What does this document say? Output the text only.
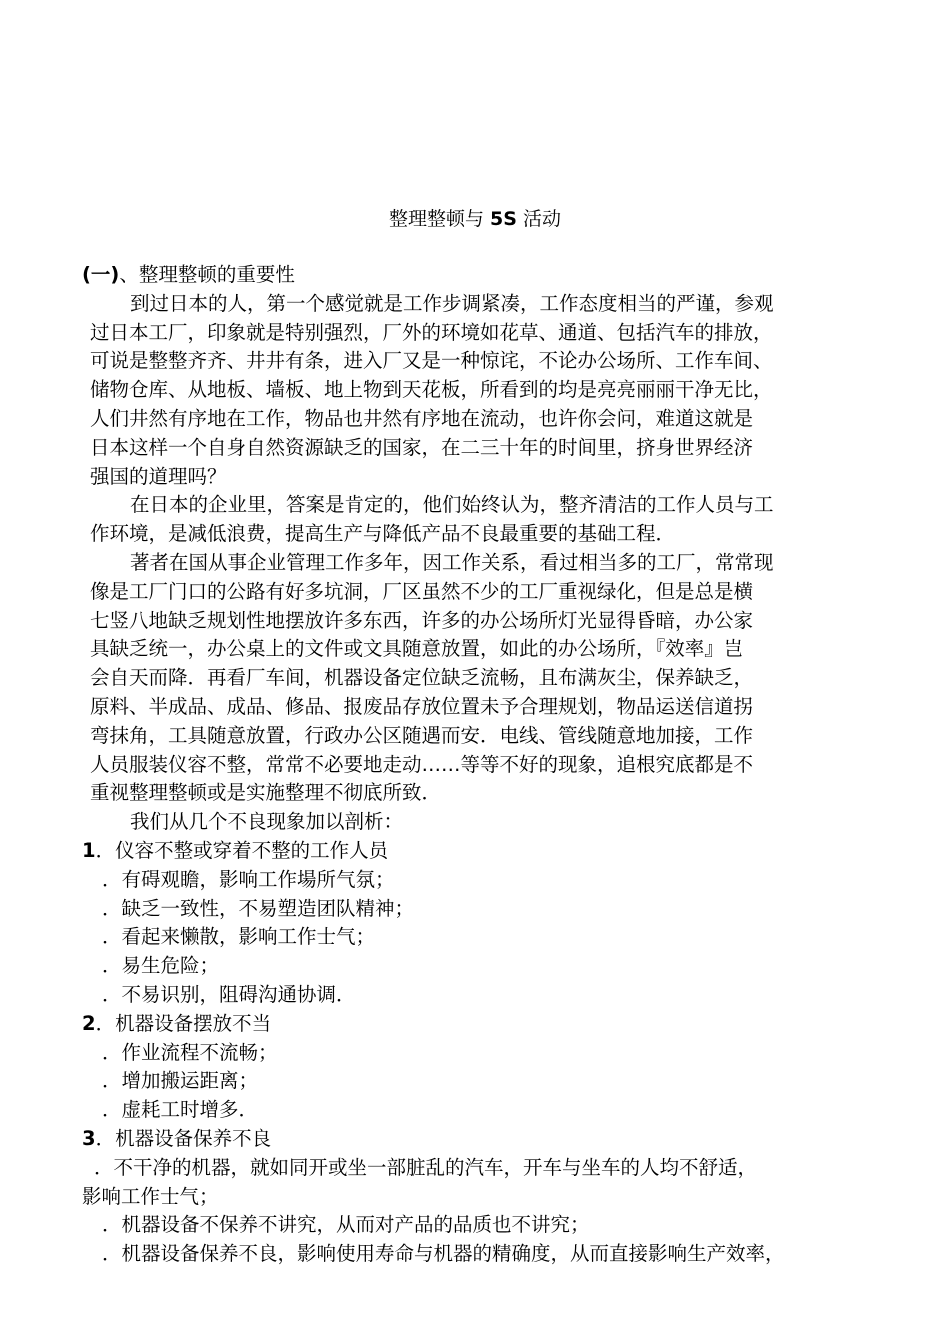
整理整顿与 5S 活动
(一)、整理整顿的重要性
到过日本的人，第一个感觉就是工作步调紧凑，工作态度相当的严谨，参观
过日本工厂，印象就是特别强烈，厂外的环境如花草、通道、包括汽车的排放，
可说是整整齐齐、井井有条，进入厂又是一种惊诧，不论办公场所、工作车间、
储物仓库、从地板、墙板、地上物到天花板，所看到的均是亮亮丽丽干净无比，
人们井然有序地在工作，物品也井然有序地在流动，也许你会问，难道这就是
日本这样一个自身自然资源缺乏的国家，在二三十年的时间里，挤身世界经济
强国的道理吗？
在日本的企业里，答案是肯定的，他们始终认为，整齐清洁的工作人员与工
作环境，是减低浪费，提高生产与降低产品不良最重要的基础工程．
著者在国从事企业管理工作多年，因工作关系，看过相当多的工厂，常常现
像是工厂门口的公路有好多坑洞，厂区虽然不少的工厂重视绿化，但是总是横
七竖八地缺乏规划性地摆放许多东西，许多的办公场所灯光显得昏暗，办公家
具缺乏统一，办公桌上的文件或文具随意放置，如此的办公场所，『效率』岂
会自天而降．再看厂车间，机器设备定位缺乏流畅，且布满灰尘，保养缺乏，
原料、半成品、成品、修品、报废品存放位置未予合理规划，物品运送信道拐
弯抹角，工具随意放置，行政办公区随遇而安．电线、管线随意地加接，工作
人员服装仪容不整，常常不必要地走动……等等不好的现象，追根究底都是不
重视整理整顿或是实施整理不彻底所致．
我们从几个不良现象加以剖析：
1．仪容不整或穿着不整的工作人员
．有碍观瞻，影响工作場所气氛；
．缺乏一致性，不易塑造团队精神；
．看起来懒散，影响工作士气；
．易生危险；
．不易识别，阻碍沟通协调．
2．机器设备摆放不当
．作业流程不流畅；
．增加搬运距离；
．虚耗工时增多．
3．机器设备保养不良
．不干净的机器，就如同开或坐一部脏乱的汽车，开车与坐车的人均不舒适，
影响工作士气；
．机器设备不保养不讲究，从而对产品的品质也不讲究；
．机器设备保养不良，影响使用寿命与机器的精确度，从而直接影响生产效率，
